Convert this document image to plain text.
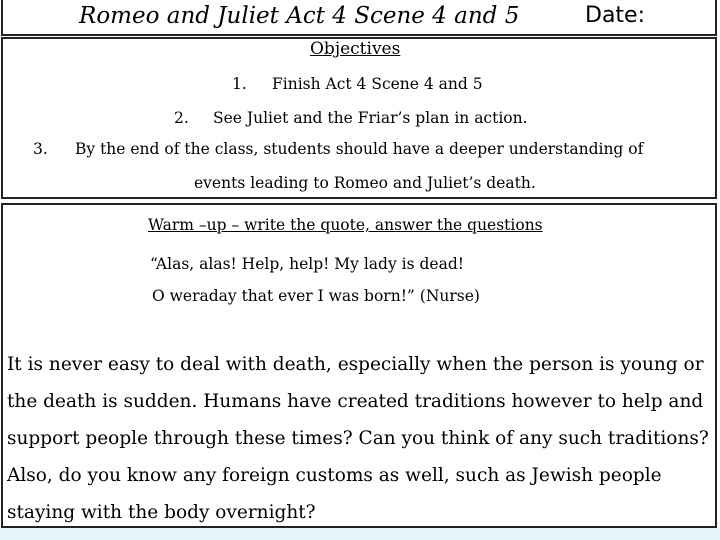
Romeo and Juliet Act 4 Scene 4 and 5	Date:
Objectives
1. Finish Act 4 Scene 4 and 5
2. See Juliet and the Friar’s plan in action.
3. By the end of the class, students should have a deeper understanding of
events leading to Romeo and Juliet’s death.
Warm –up – write the quote, answer the questions
“Alas, alas! Help, help! My lady is dead!
O weraday that ever I was born!” (Nurse)
It is never easy to deal with death, especially when the person is young or
the death is sudden. Humans have created traditions however to help and
support people through these times? Can you think of any such traditions?
Also, do you know any foreign customs as well, such as Jewish people
staying with the body overnight?
